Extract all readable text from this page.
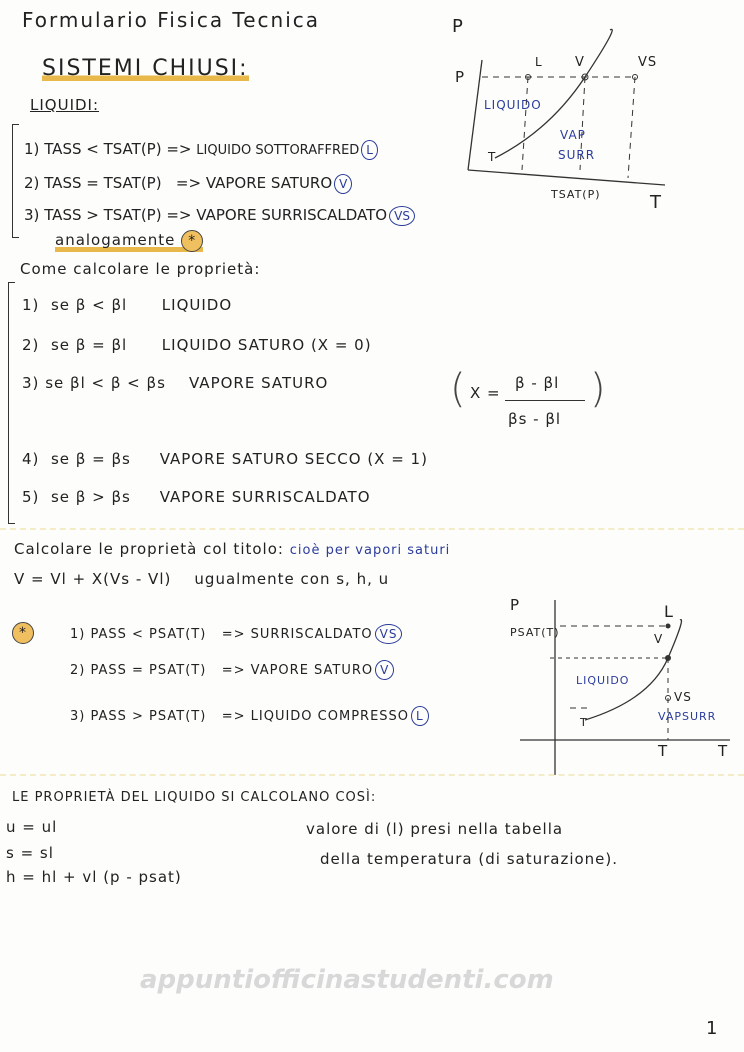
appuntiofficinastudenti.com
Formulario Fisica Tecnica
SISTEMI CHIUSI:
LIQUIDI:
1) TASS < TSAT(P) => LIQUIDO SOTTORAFFRED L
2) TASS = TSAT(P) => VAPORE SATURO V
3) TASS > TSAT(P) => VAPORE SURRISCALDATO VS
analogamente *
P
P
L V	VS
LIQUIDO
VAP
SURR
T
TSAT(P)	T
Come calcolare le proprietà:
1) se β < βl LIQUIDO
2) se β = βl LIQUIDO SATURO (X = 0)
3) se βl < β < βs VAPORE SATURO	( X =
β - βl
βs - βl
)
4) se β = βs VAPORE SATURO SECCO (X = 1)
5) se β > βs VAPORE SURRISCALDATO
Calcolare le proprietà col titolo: cioè per vapori saturi
V = Vl + X(Vs - Vl) ugualmente con s, h, u
*	1) PASS < PSAT(T) => SURRISCALDATO VS
2) PASS = PSAT(T) => VAPORE SATURO V
3) PASS > PSAT(T) => LIQUIDO COMPRESSO L
P
PSAT(T)
L
V
LIQUIDO
VS
VAPSURR
T
T	T
LE PROPRIETÀ DEL LIQUIDO SI CALCOLANO COSÌ:
u = ul
s = sl
h = hl + vl (p - psat)
valore di (l) presi nella tabella
della temperatura (di saturazione).
1
